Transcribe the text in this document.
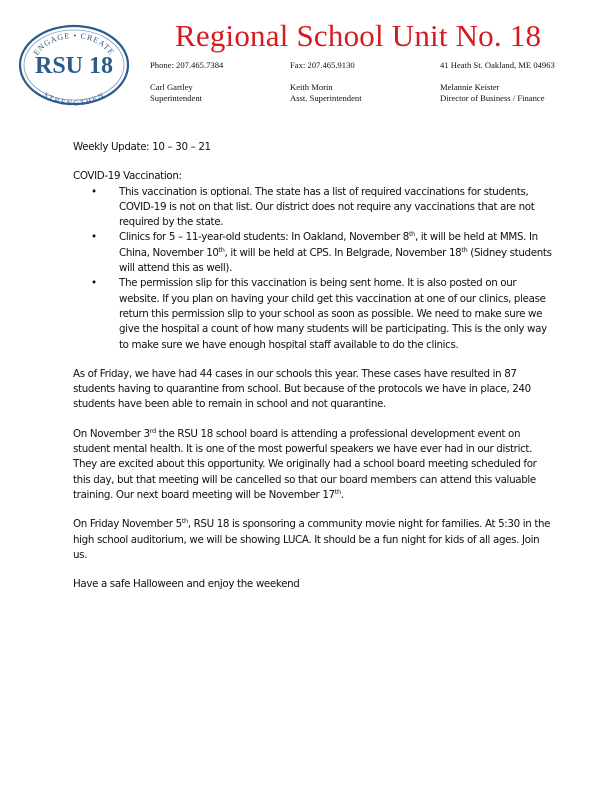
ENGAGE • CREATE
RSU 18
STRENGTHEN
Regional School Unit No. 18
Phone: 207.465.7384	Fax: 207.465.9130	41 Heath St. Oakland, ME 04963
Carl Gartley
Superintendent
Keith Morin
Asst. Superintendent
Melannie Keister
Director of Business / Finance

Weekly Update: 10 – 30 – 21

COVID-19 Vaccination:

• This vaccination is optional. The state has a list of required vaccinations for students, COVID-19 is not on that list. Our district does not require any vaccinations that are not required by the state.
• Clinics for 5 – 11-year-old students: In Oakland, November 8th, it will be held at MMS. In China, November 10th, it will be held at CPS. In Belgrade, November 18th (Sidney students will attend this as well).
• The permission slip for this vaccination is being sent home. It is also posted on our website. If you plan on having your child get this vaccination at one of our clinics, please return this permission slip to your school as soon as possible. We need to make sure we give the hospital a count of how many students will be participating. This is the only way to make sure we have enough hospital staff available to do the clinics.

As of Friday, we have had 44 cases in our schools this year. These cases have resulted in 87 students having to quarantine from school. But because of the protocols we have in place, 240 students have been able to remain in school and not quarantine.

On November 3rd the RSU 18 school board is attending a professional development event on student mental health. It is one of the most powerful speakers we have ever had in our district. They are excited about this opportunity. We originally had a school board meeting scheduled for this day, but that meeting will be cancelled so that our board members can attend this valuable training. Our next board meeting will be November 17th.

On Friday November 5th, RSU 18 is sponsoring a community movie night for families. At 5:30 in the high school auditorium, we will be showing LUCA. It should be a fun night for kids of all ages. Join us.

Have a safe Halloween and enjoy the weekend
